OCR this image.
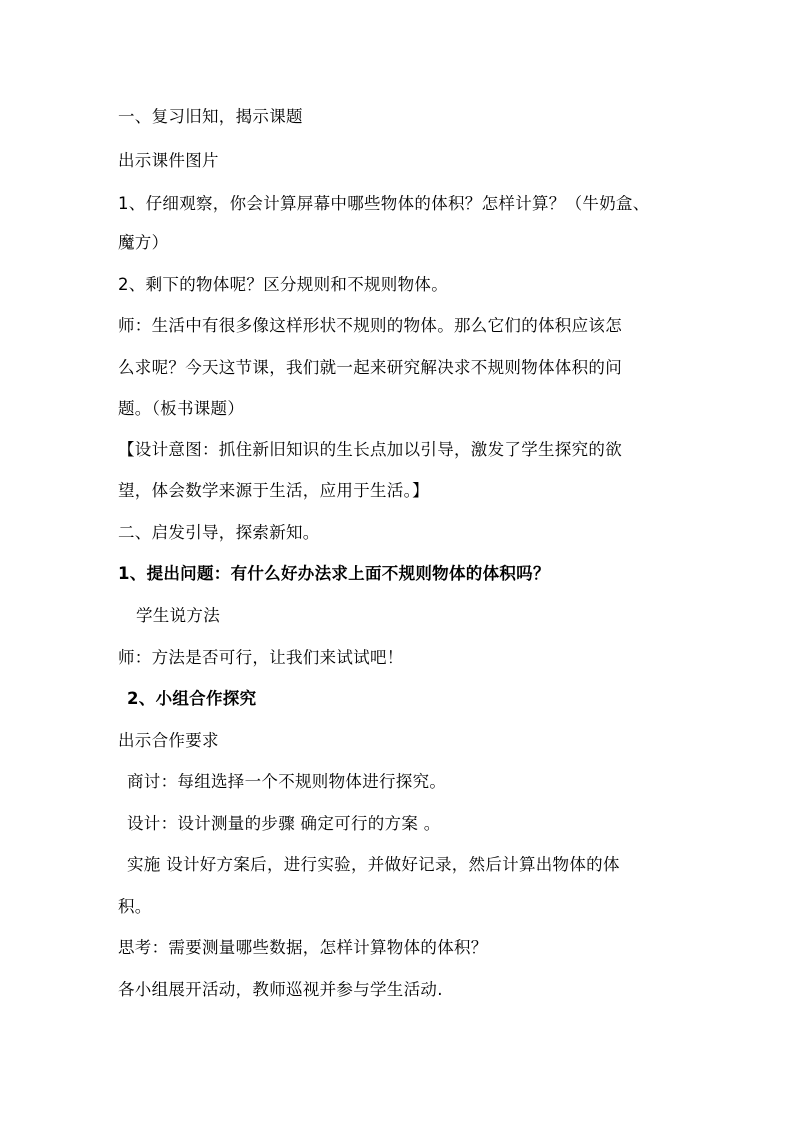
一、复习旧知，揭示课题
出示课件图片
1、仔细观察，你会计算屏幕中哪些物体的体积？怎样计算？（牛奶盒、
魔方）
2、剩下的物体呢？区分规则和不规则物体。
师：生活中有很多像这样形状不规则的物体。那么它们的体积应该怎
么求呢？今天这节课，我们就一起来研究解决求不规则物体体积的问
题。（板书课题）
【设计意图：抓住新旧知识的生长点加以引导，激发了学生探究的欲
望，体会数学来源于生活，应用于生活。】
二、启发引导，探索新知。
1、提出问题：有什么好办法求上面不规则物体的体积吗？
学生说方法
师：方法是否可行，让我们来试试吧！
2、小组合作探究
出示合作要求
商讨：每组选择一个不规则物体进行探究。
设计：设计测量的步骤 确定可行的方案 。
实施 设计好方案后，进行实验，并做好记录，然后计算出物体的体
积。
思考：需要测量哪些数据，怎样计算物体的体积？
各小组展开活动，教师巡视并参与学生活动.
